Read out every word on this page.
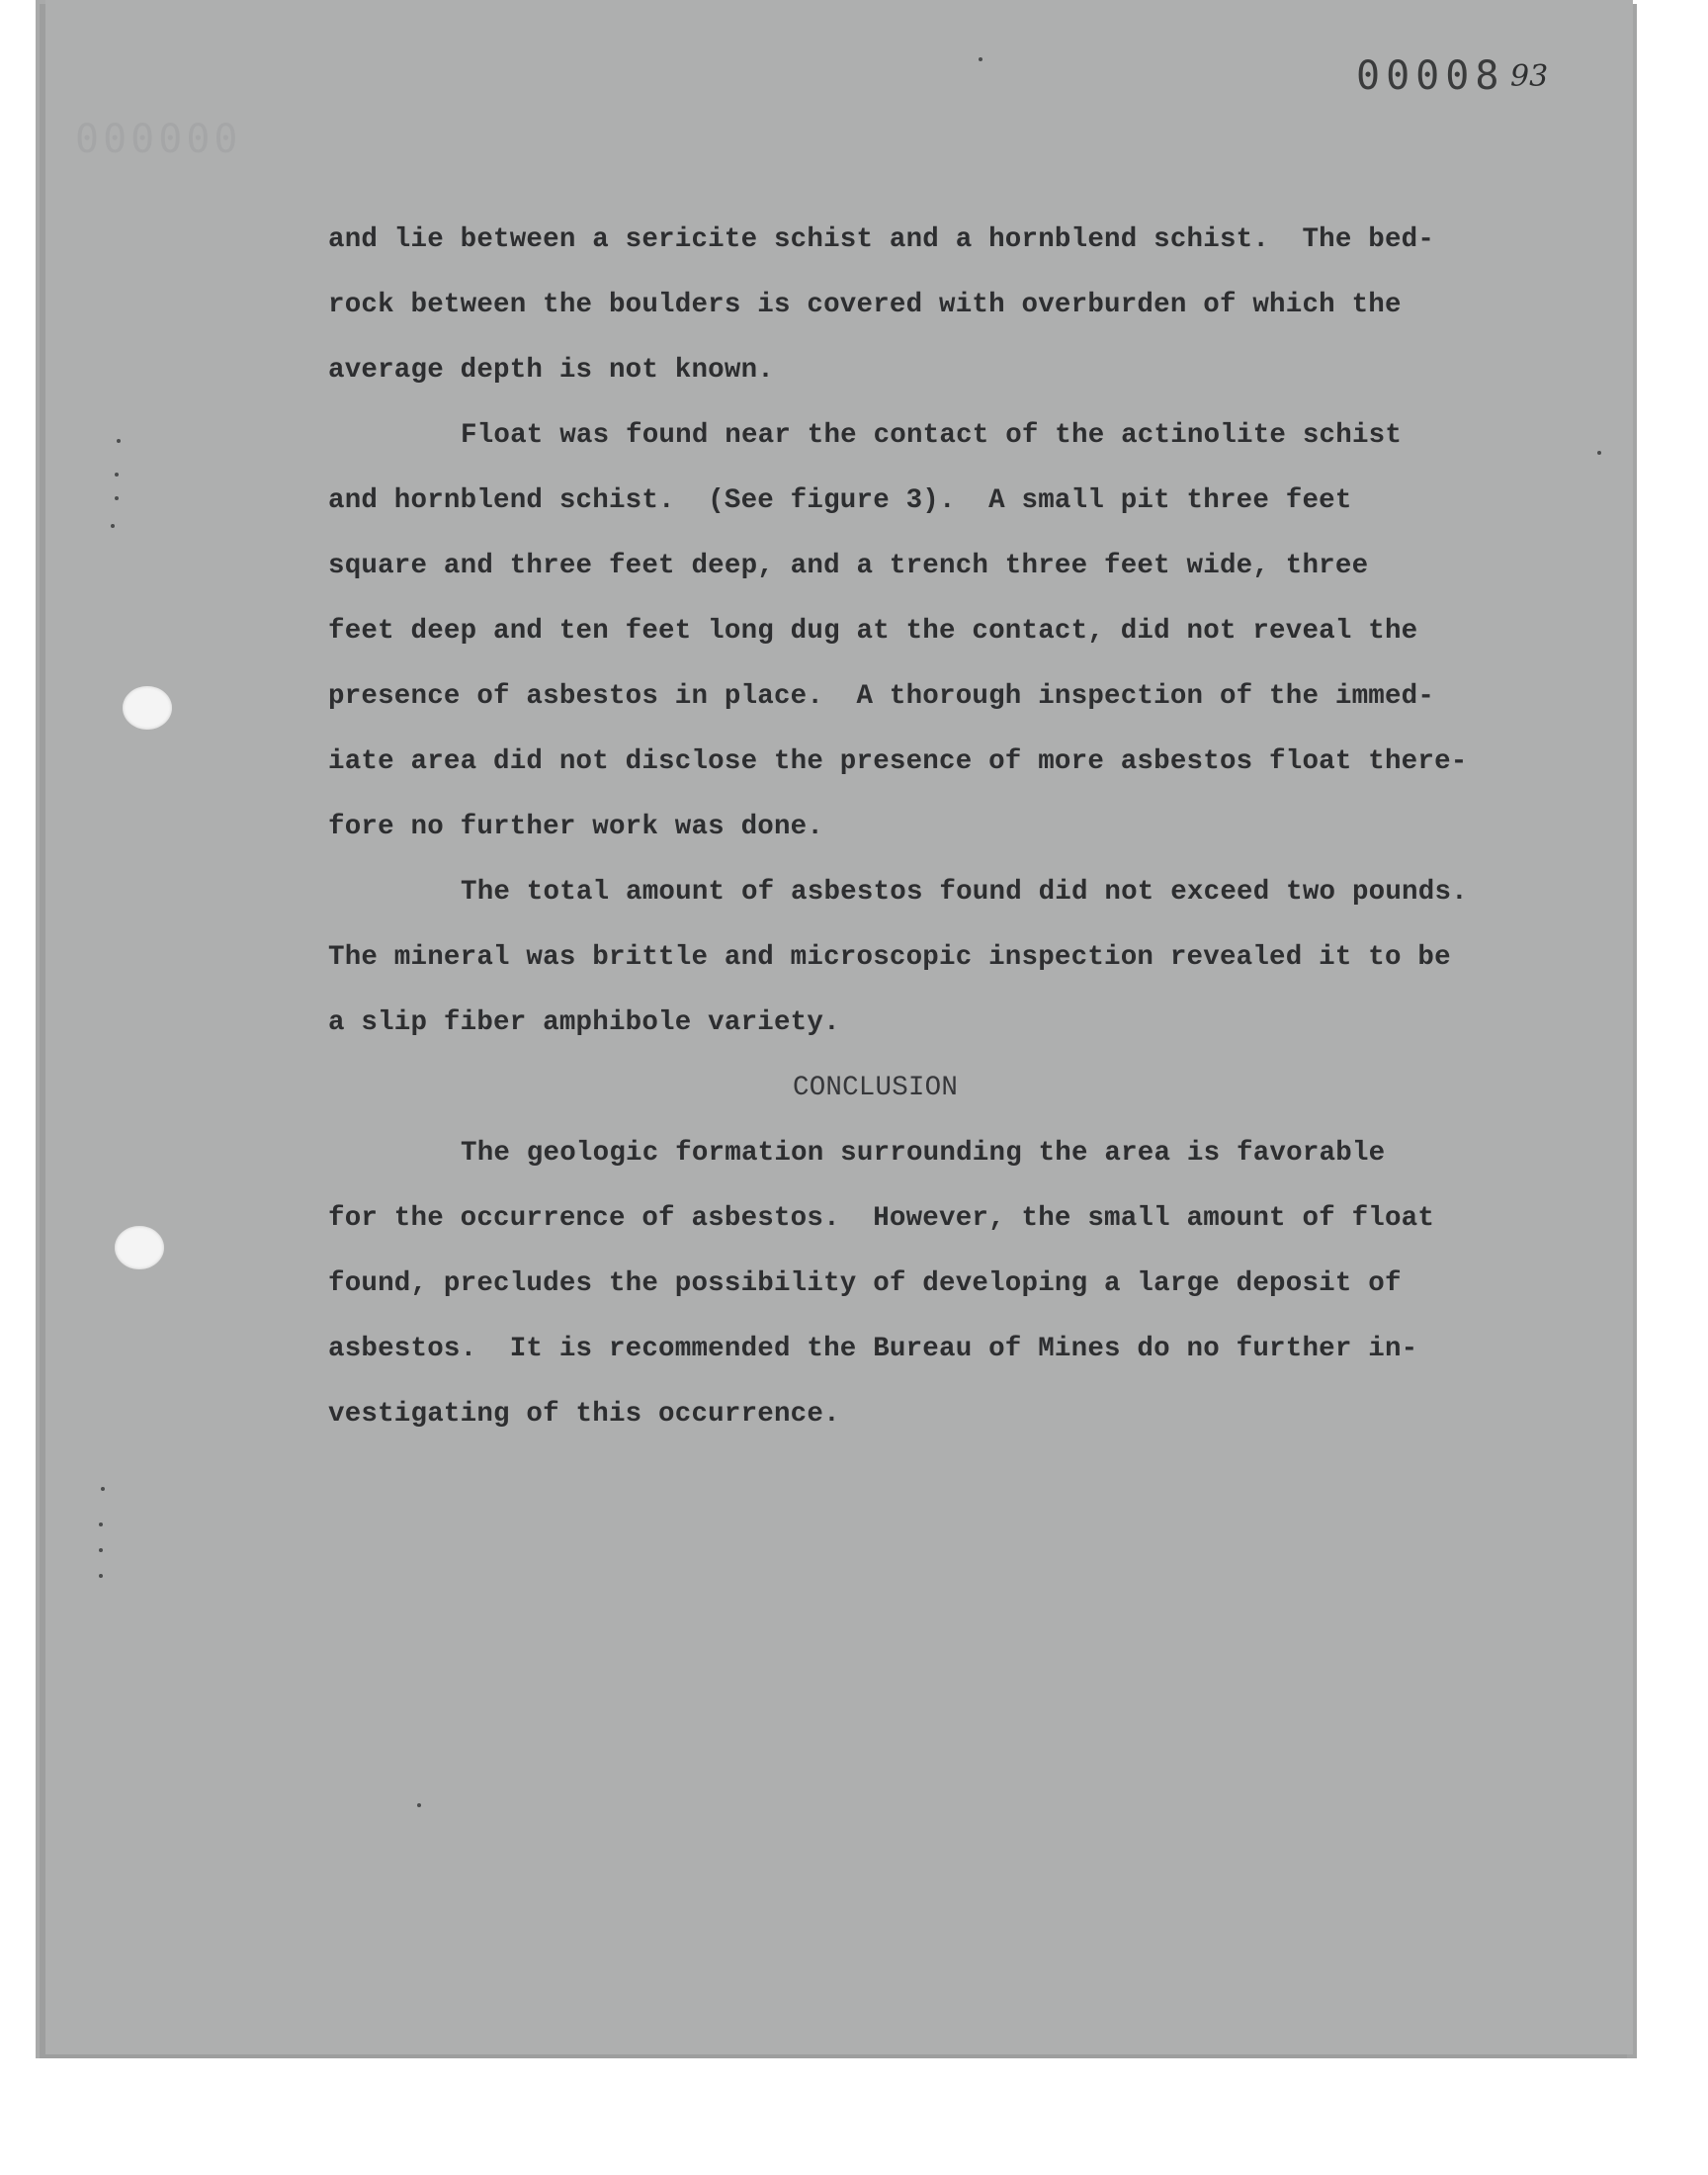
000000
00008 93
and lie between a sericite schist and a hornblend schist.  The bed-
rock between the boulders is covered with overburden of which the
average depth is not known.
Float was found near the contact of the actinolite schist
and hornblend schist.  (See figure 3).  A small pit three feet
square and three feet deep, and a trench three feet wide, three
feet deep and ten feet long dug at the contact, did not reveal the
presence of asbestos in place.  A thorough inspection of the immed-
iate area did not disclose the presence of more asbestos float there-
fore no further work was done.
The total amount of asbestos found did not exceed two pounds.
The mineral was brittle and microscopic inspection revealed it to be
a slip fiber amphibole variety.
CONCLUSION
The geologic formation surrounding the area is favorable
for the occurrence of asbestos.  However, the small amount of float
found, precludes the possibility of developing a large deposit of
asbestos.  It is recommended the Bureau of Mines do no further in-
vestigating of this occurrence.
